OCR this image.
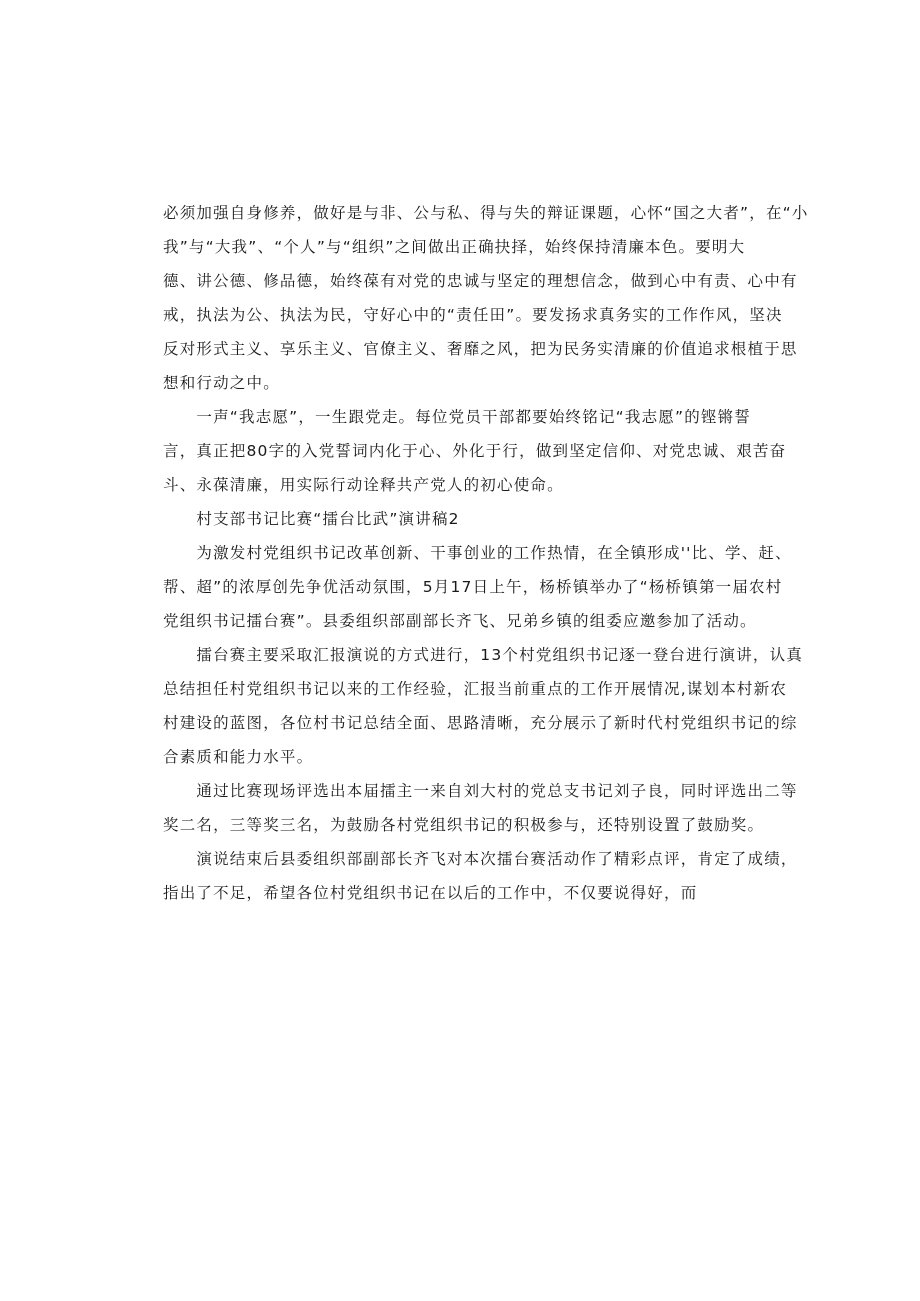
必须加强自身修养，做好是与非、公与私、得与失的辩证课题，心怀“国之大者”，在“小
我”与“大我”、“个人”与“组织”之间做出正确抉择，始终保持清廉本色。要明大
德、讲公德、修品德，始终葆有对党的忠诚与坚定的理想信念，做到心中有责、心中有
戒，执法为公、执法为民，守好心中的“责任田”。要发扬求真务实的工作作风，坚决
反对形式主义、享乐主义、官僚主义、奢靡之风，把为民务实清廉的价值追求根植于思
想和行动之中。
　　一声“我志愿”，一生跟党走。每位党员干部都要始终铭记“我志愿”的铿锵誓
言，真正把80字的入党誓词内化于心、外化于行，做到坚定信仰、对党忠诚、艰苦奋
斗、永葆清廉，用实际行动诠释共产党人的初心使命。
　　村支部书记比赛“擂台比武”演讲稿2
　　为激发村党组织书记改革创新、干事创业的工作热情，在全镇形成''比、学、赶、
帮、超”的浓厚创先争优活动氛围，5月17日上午，杨桥镇举办了“杨桥镇第一届农村
党组织书记擂台赛”。县委组织部副部长齐飞、兄弟乡镇的组委应邀参加了活动。
　　擂台赛主要采取汇报演说的方式进行，13个村党组织书记逐一登台进行演讲，认真
总结担任村党组织书记以来的工作经验，汇报当前重点的工作开展情况,谋划本村新农
村建设的蓝图，各位村书记总结全面、思路清晰，充分展示了新时代村党组织书记的综
合素质和能力水平。
　　通过比赛现场评选出本届擂主一来自刘大村的党总支书记刘子良，同时评选出二等
奖二名，三等奖三名，为鼓励各村党组织书记的积极参与，还特别设置了鼓励奖。
　　演说结束后县委组织部副部长齐飞对本次擂台赛活动作了精彩点评，肯定了成绩，
指出了不足，希望各位村党组织书记在以后的工作中，不仅要说得好，而
